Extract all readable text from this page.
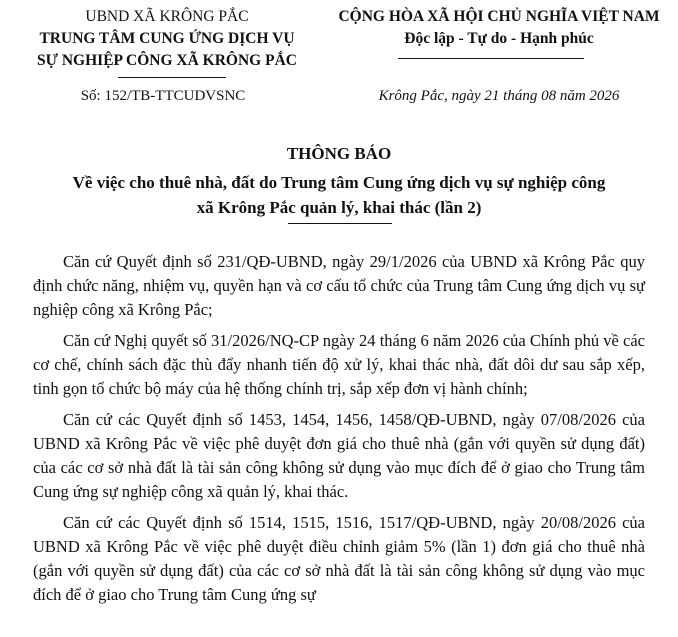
UBND XÃ KRÔNG PẮC
TRUNG TÂM CUNG ỨNG DỊCH VỤ
SỰ NGHIỆP CÔNG XÃ KRÔNG PẮC
CỘNG HÒA XÃ HỘI CHỦ NGHĨA VIỆT NAM
Độc lập - Tự do - Hạnh phúc
Số: 152/TB-TTCUDVSNC	Krông Pắc, ngày 21 tháng 08 năm 2026
THÔNG BÁO
Về việc cho thuê nhà, đất do Trung tâm Cung ứng dịch vụ sự nghiệp công
xã Krông Pắc quản lý, khai thác (lần 2)

Căn cứ Quyết định số 231/QĐ-UBND, ngày 29/1/2026 của UBND xã Krông Pắc quy định chức năng, nhiệm vụ, quyền hạn và cơ cấu tổ chức của Trung tâm Cung ứng dịch vụ sự nghiệp công xã Krông Pắc;

Căn cứ Nghị quyết số 31/2026/NQ-CP ngày 24 tháng 6 năm 2026 của Chính phủ về các cơ chế, chính sách đặc thù đẩy nhanh tiến độ xử lý, khai thác nhà, đất dôi dư sau sắp xếp, tinh gọn tổ chức bộ máy của hệ thống chính trị, sắp xếp đơn vị hành chính;

Căn cứ các Quyết định số 1453, 1454, 1456, 1458/QĐ-UBND, ngày 07/08/2026 của UBND xã Krông Pắc về việc phê duyệt đơn giá cho thuê nhà (gắn với quyền sử dụng đất) của các cơ sở nhà đất là tài sản công không sử dụng vào mục đích để ở giao cho Trung tâm Cung ứng sự nghiệp công xã quản lý, khai thác.

Căn cứ các Quyết định số 1514, 1515, 1516, 1517/QĐ-UBND, ngày 20/08/2026 của UBND xã Krông Pắc về việc phê duyệt điều chỉnh giảm 5% (lần 1) đơn giá cho thuê nhà (gắn với quyền sử dụng đất) của các cơ sở nhà đất là tài sản công không sử dụng vào mục đích để ở giao cho Trung tâm Cung ứng sự
